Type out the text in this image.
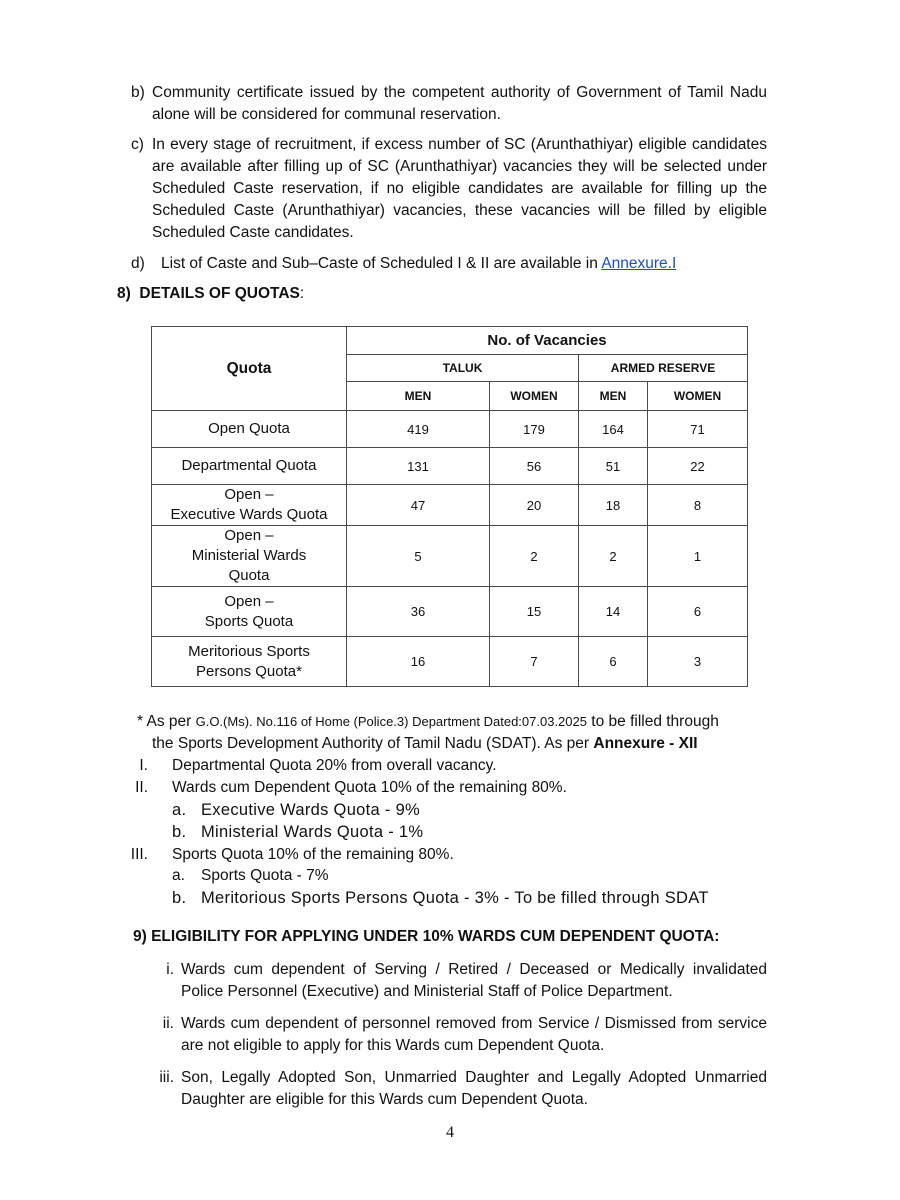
b) Community certificate issued by the competent authority of Government of Tamil Nadu alone will be considered for communal reservation.
c) In every stage of recruitment, if excess number of SC (Arunthathiyar) eligible candidates are available after filling up of SC (Arunthathiyar) vacancies they will be selected under Scheduled Caste reservation, if no eligible candidates are available for filling up the Scheduled Caste (Arunthathiyar) vacancies, these vacancies will be filled by eligible Scheduled Caste candidates.
d) List of Caste and Sub–Caste of Scheduled I & II are available in Annexure.I
8) DETAILS OF QUOTAS:
Quota	No. of Vacancies			
	TALUK		ARMED RESERVE	
	MEN	WOMEN	MEN	WOMEN
Open Quota	419	179	164	71
Departmental Quota	131	56	51	22
Open –
Executive Wards Quota	47	20	18	8
Open –
Ministerial Wards
Quota	5	2	2	1
Open –
Sports Quota	36	15	14	6
Meritorious Sports
Persons Quota*	16	7	6	3
* As per G.O.(Ms). No.116 of Home (Police.3) Department Dated:07.03.2025 to be filled through
the Sports Development Authority of Tamil Nadu (SDAT). As per Annexure - XII
I. Departmental Quota 20% from overall vacancy.
II. Wards cum Dependent Quota 10% of the remaining 80%.
a. Executive Wards Quota - 9%
b. Ministerial Wards Quota - 1%
III. Sports Quota 10% of the remaining 80%.
a. Sports Quota - 7%
b. Meritorious Sports Persons Quota - 3% - To be filled through SDAT
9) ELIGIBILITY FOR APPLYING UNDER 10% WARDS CUM DEPENDENT QUOTA:
i. Wards cum dependent of Serving / Retired / Deceased or Medically invalidated Police Personnel (Executive) and Ministerial Staff of Police Department.
ii. Wards cum dependent of personnel removed from Service / Dismissed from service are not eligible to apply for this Wards cum Dependent Quota.
iii. Son, Legally Adopted Son, Unmarried Daughter and Legally Adopted Unmarried Daughter are eligible for this Wards cum Dependent Quota.
4
